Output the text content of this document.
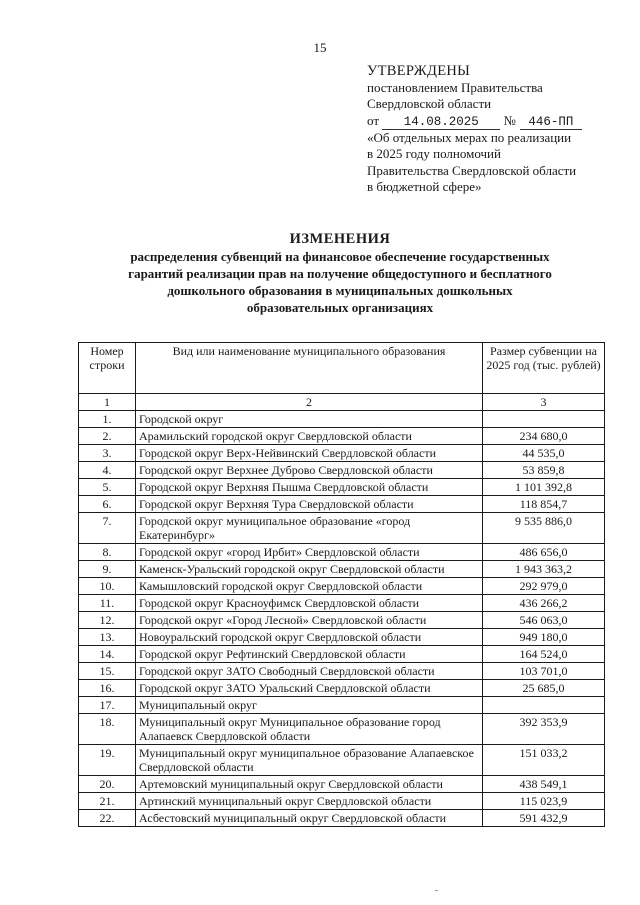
15
УТВЕРЖДЕНЫ
постановлением Правительства
Свердловской области
от 14.08.2025 № 446-ПП
«Об отдельных мерах по реализации
в 2025 году полномочий
Правительства Свердловской области
в бюджетной сфере»
ИЗМЕНЕНИЯ
распределения субвенций на финансовое обеспечение государственных
гарантий реализации прав на получение общедоступного и бесплатного
дошкольного образования в муниципальных дошкольных
образовательных организациях
Номер строки	Вид или наименование муниципального образования	Размер субвенции на 2025 год (тыс. рублей)
1	2	3
1.	Городской округ	
2.	Арамильский городской округ Свердловской области	234 680,0
3.	Городской округ Верх-Нейвинский Свердловской области	44 535,0
4.	Городской округ Верхнее Дуброво Свердловской области	53 859,8
5.	Городской округ Верхняя Пышма Свердловской области	1 101 392,8
6.	Городской округ Верхняя Тура Свердловской области	118 854,7
7.	Городской округ муниципальное образование «город Екатеринбург»	9 535 886,0
8.	Городской округ «город Ирбит» Свердловской области	486 656,0
9.	Каменск-Уральский городской округ Свердловской области	1 943 363,2
10.	Камышловский городской округ Свердловской области	292 979,0
11.	Городской округ Красноуфимск Свердловской области	436 266,2
12.	Городской округ «Город Лесной» Свердловской области	546 063,0
13.	Новоуральский городской округ Свердловской области	949 180,0
14.	Городской округ Рефтинский Свердловской области	164 524,0
15.	Городской округ ЗАТО Свободный Свердловской области	103 701,0
16.	Городской округ ЗАТО Уральский Свердловской области	25 685,0
17.	Муниципальный округ	
18.	Муниципальный округ Муниципальное образование город Алапаевск Свердловской области	392 353,9
19.	Муниципальный округ муниципальное образование Алапаевское Свердловской области	151 033,2
20.	Артемовский муниципальный округ Свердловской области	438 549,1
21.	Артинский муниципальный округ Свердловской области	115 023,9
22.	Асбестовский муниципальный округ Свердловской области	591 432,9
